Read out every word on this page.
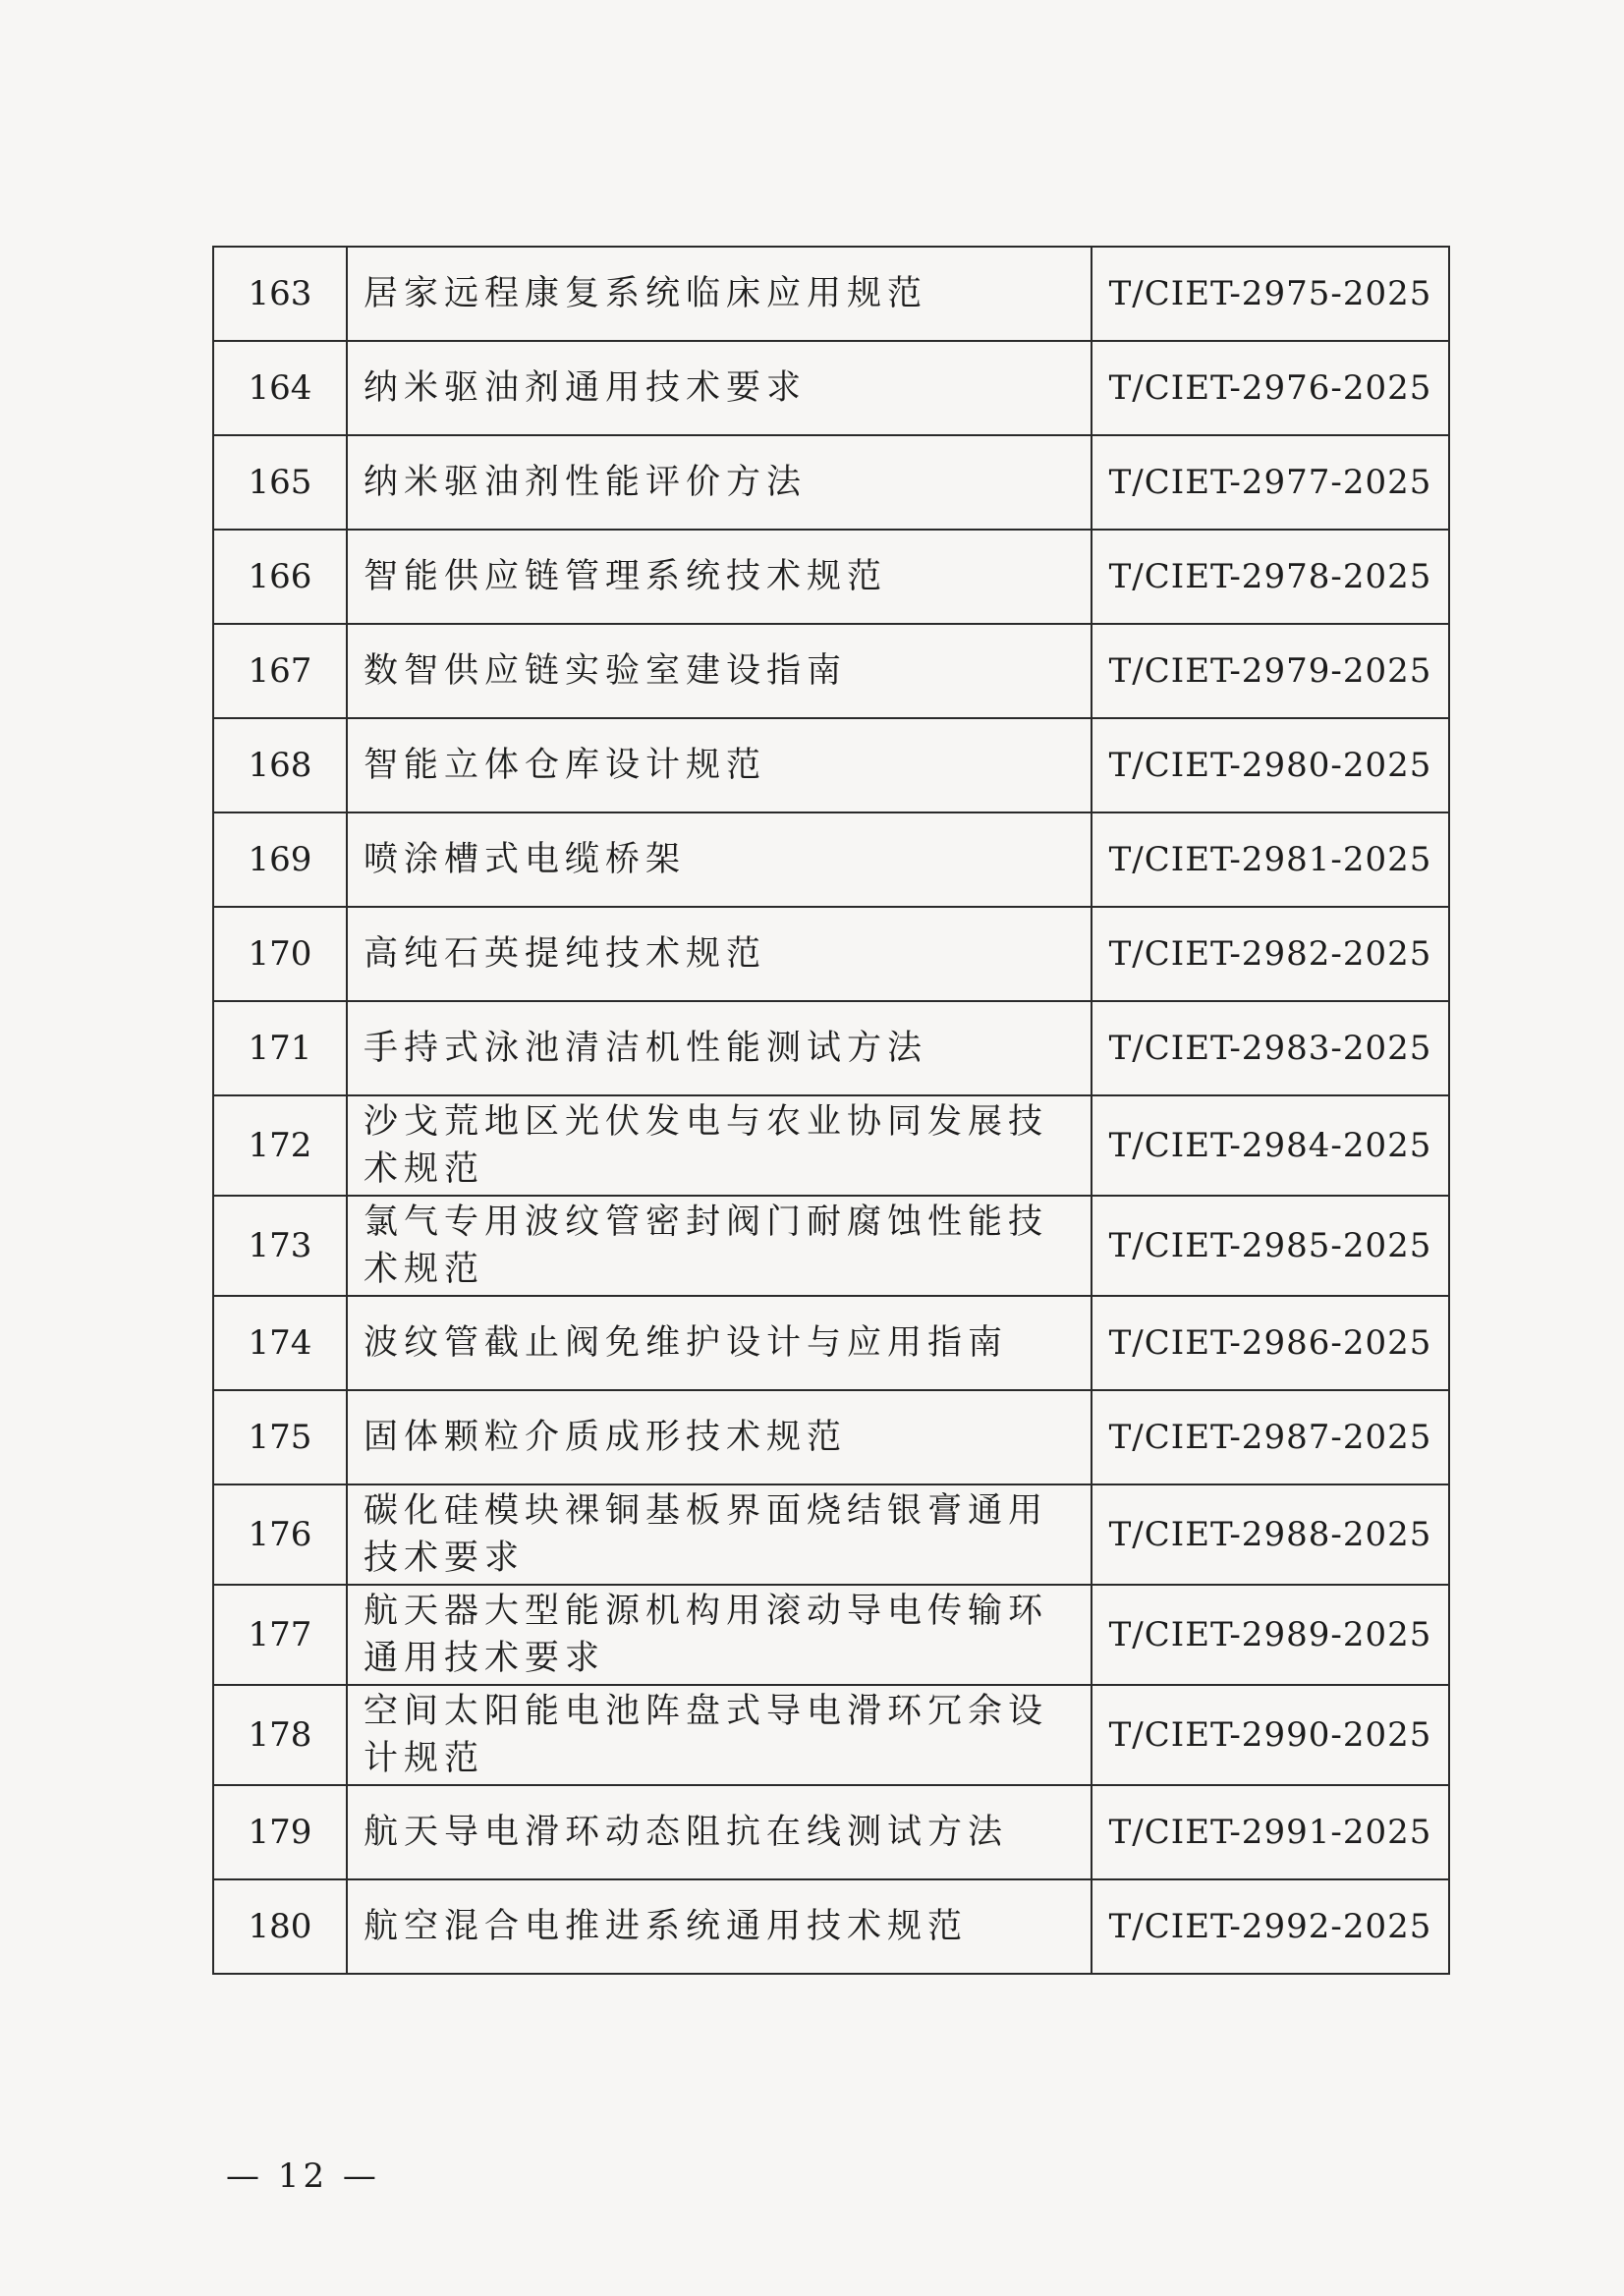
163	居家远程康复系统临床应用规范	T/CIET-2975-2025
164	纳米驱油剂通用技术要求	T/CIET-2976-2025
165	纳米驱油剂性能评价方法	T/CIET-2977-2025
166	智能供应链管理系统技术规范	T/CIET-2978-2025
167	数智供应链实验室建设指南	T/CIET-2979-2025
168	智能立体仓库设计规范	T/CIET-2980-2025
169	喷涂槽式电缆桥架	T/CIET-2981-2025
170	高纯石英提纯技术规范	T/CIET-2982-2025
171	手持式泳池清洁机性能测试方法	T/CIET-2983-2025
172	沙戈荒地区光伏发电与农业协同发展技术规范	T/CIET-2984-2025
173	氯气专用波纹管密封阀门耐腐蚀性能技术规范	T/CIET-2985-2025
174	波纹管截止阀免维护设计与应用指南	T/CIET-2986-2025
175	固体颗粒介质成形技术规范	T/CIET-2987-2025
176	碳化硅模块裸铜基板界面烧结银膏通用技术要求	T/CIET-2988-2025
177	航天器大型能源机构用滚动导电传输环通用技术要求	T/CIET-2989-2025
178	空间太阳能电池阵盘式导电滑环冗余设计规范	T/CIET-2990-2025
179	航天导电滑环动态阻抗在线测试方法	T/CIET-2991-2025
180	航空混合电推进系统通用技术规范	T/CIET-2992-2025
— 12 —
